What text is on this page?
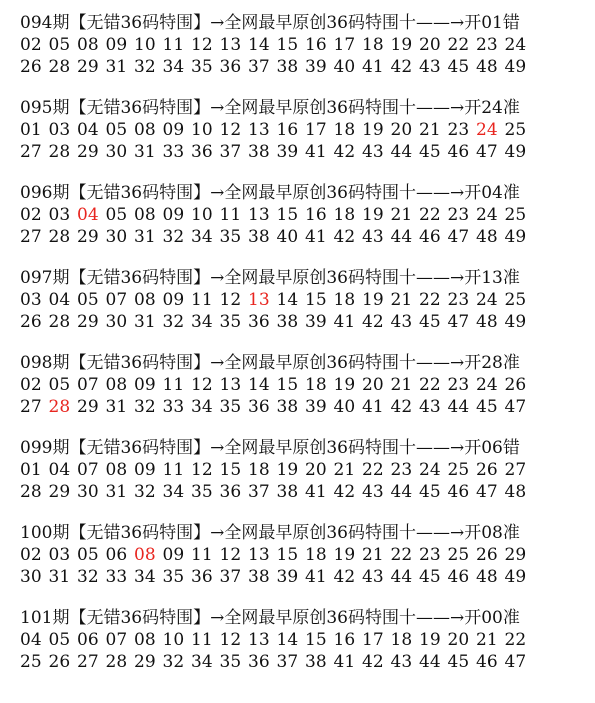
094期【无错36码特围】→全网最早原创36码特围十——→开01错
02 05 08 09 10 11 12 13 14 15 16 17 18 19 20 22 23 24
26 28 29 31 32 34 35 36 37 38 39 40 41 42 43 45 48 49
095期【无错36码特围】→全网最早原创36码特围十——→开24准
01 03 04 05 08 09 10 12 13 16 17 18 19 20 21 23 24 25
27 28 29 30 31 33 36 37 38 39 41 42 43 44 45 46 47 49
096期【无错36码特围】→全网最早原创36码特围十——→开04准
02 03 04 05 08 09 10 11 13 15 16 18 19 21 22 23 24 25
27 28 29 30 31 32 34 35 38 40 41 42 43 44 46 47 48 49
097期【无错36码特围】→全网最早原创36码特围十——→开13准
03 04 05 07 08 09 11 12 13 14 15 18 19 21 22 23 24 25
26 28 29 30 31 32 34 35 36 38 39 41 42 43 45 47 48 49
098期【无错36码特围】→全网最早原创36码特围十——→开28准
02 05 07 08 09 11 12 13 14 15 18 19 20 21 22 23 24 26
27 28 29 31 32 33 34 35 36 38 39 40 41 42 43 44 45 47
099期【无错36码特围】→全网最早原创36码特围十——→开06错
01 04 07 08 09 11 12 15 18 19 20 21 22 23 24 25 26 27
28 29 30 31 32 34 35 36 37 38 41 42 43 44 45 46 47 48
100期【无错36码特围】→全网最早原创36码特围十——→开08准
02 03 05 06 08 09 11 12 13 15 18 19 21 22 23 25 26 29
30 31 32 33 34 35 36 37 38 39 41 42 43 44 45 46 48 49
101期【无错36码特围】→全网最早原创36码特围十——→开00准
04 05 06 07 08 10 11 12 13 14 15 16 17 18 19 20 21 22
25 26 27 28 29 32 34 35 36 37 38 41 42 43 44 45 46 47
